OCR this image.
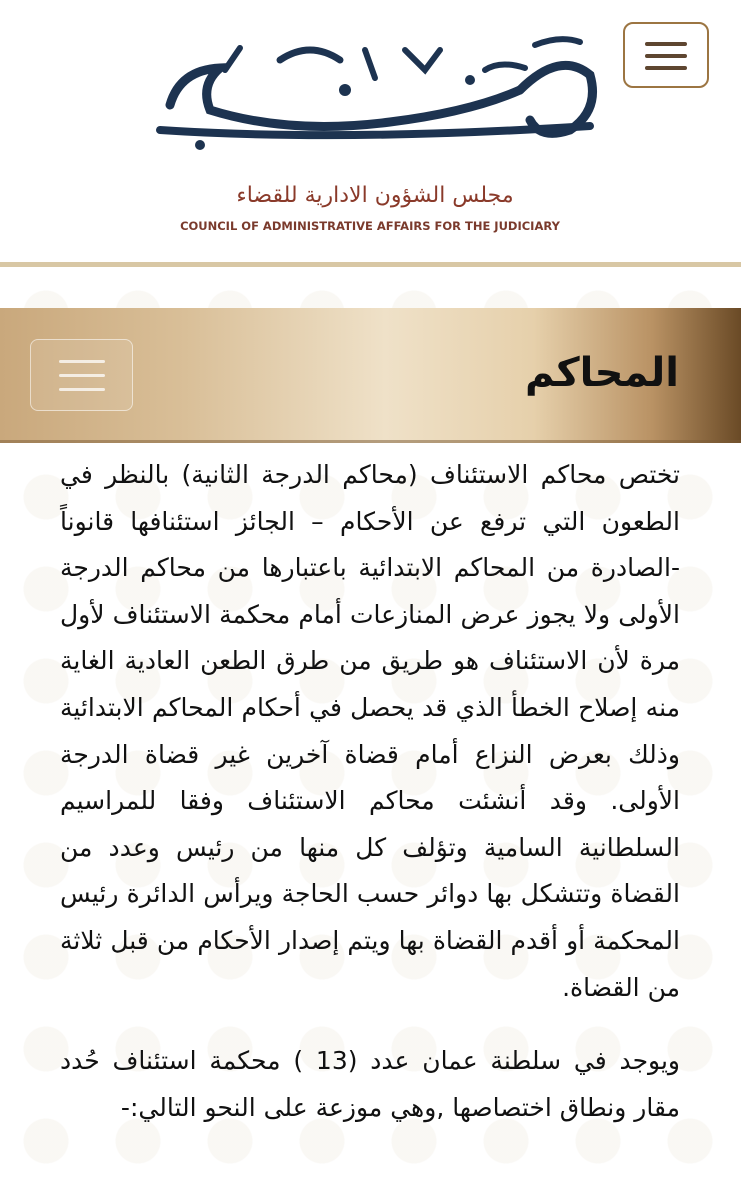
مجلس الشؤون الادارية للقضاء
COUNCIL OF ADMINISTRATIVE AFFAIRS FOR THE JUDICIARY
المحاكم

تختص محاكم الاستئناف (محاكم الدرجة الثانية) بالنظر في الطعون التي ترفع عن الأحكام – الجائز استئنافها قانوناً -الصادرة من المحاكم الابتدائية باعتبارها من محاكم الدرجة الأولى ولا يجوز عرض المنازعات أمام محكمة الاستئناف لأول مرة لأن الاستئناف هو طريق من طرق الطعن العادية الغاية منه إصلاح الخطأ الذي قد يحصل في أحكام المحاكم الابتدائية وذلك بعرض النزاع أمام قضاة آخرين غير قضاة الدرجة الأولى. وقد أنشئت محاكم الاستئناف وفقا للمراسيم السلطانية السامية وتؤلف كل منها من رئيس وعدد من القضاة وتتشكل بها دوائر حسب الحاجة ويرأس الدائرة رئيس المحكمة أو أقدم القضاة بها ويتم إصدار الأحكام من قبل ثلاثة من القضاة.

ويوجد في سلطنة عمان عدد (13 ) محكمة استئناف حُدد مقار ونطاق اختصاصها ,وهي موزعة على النحو التالي:-
